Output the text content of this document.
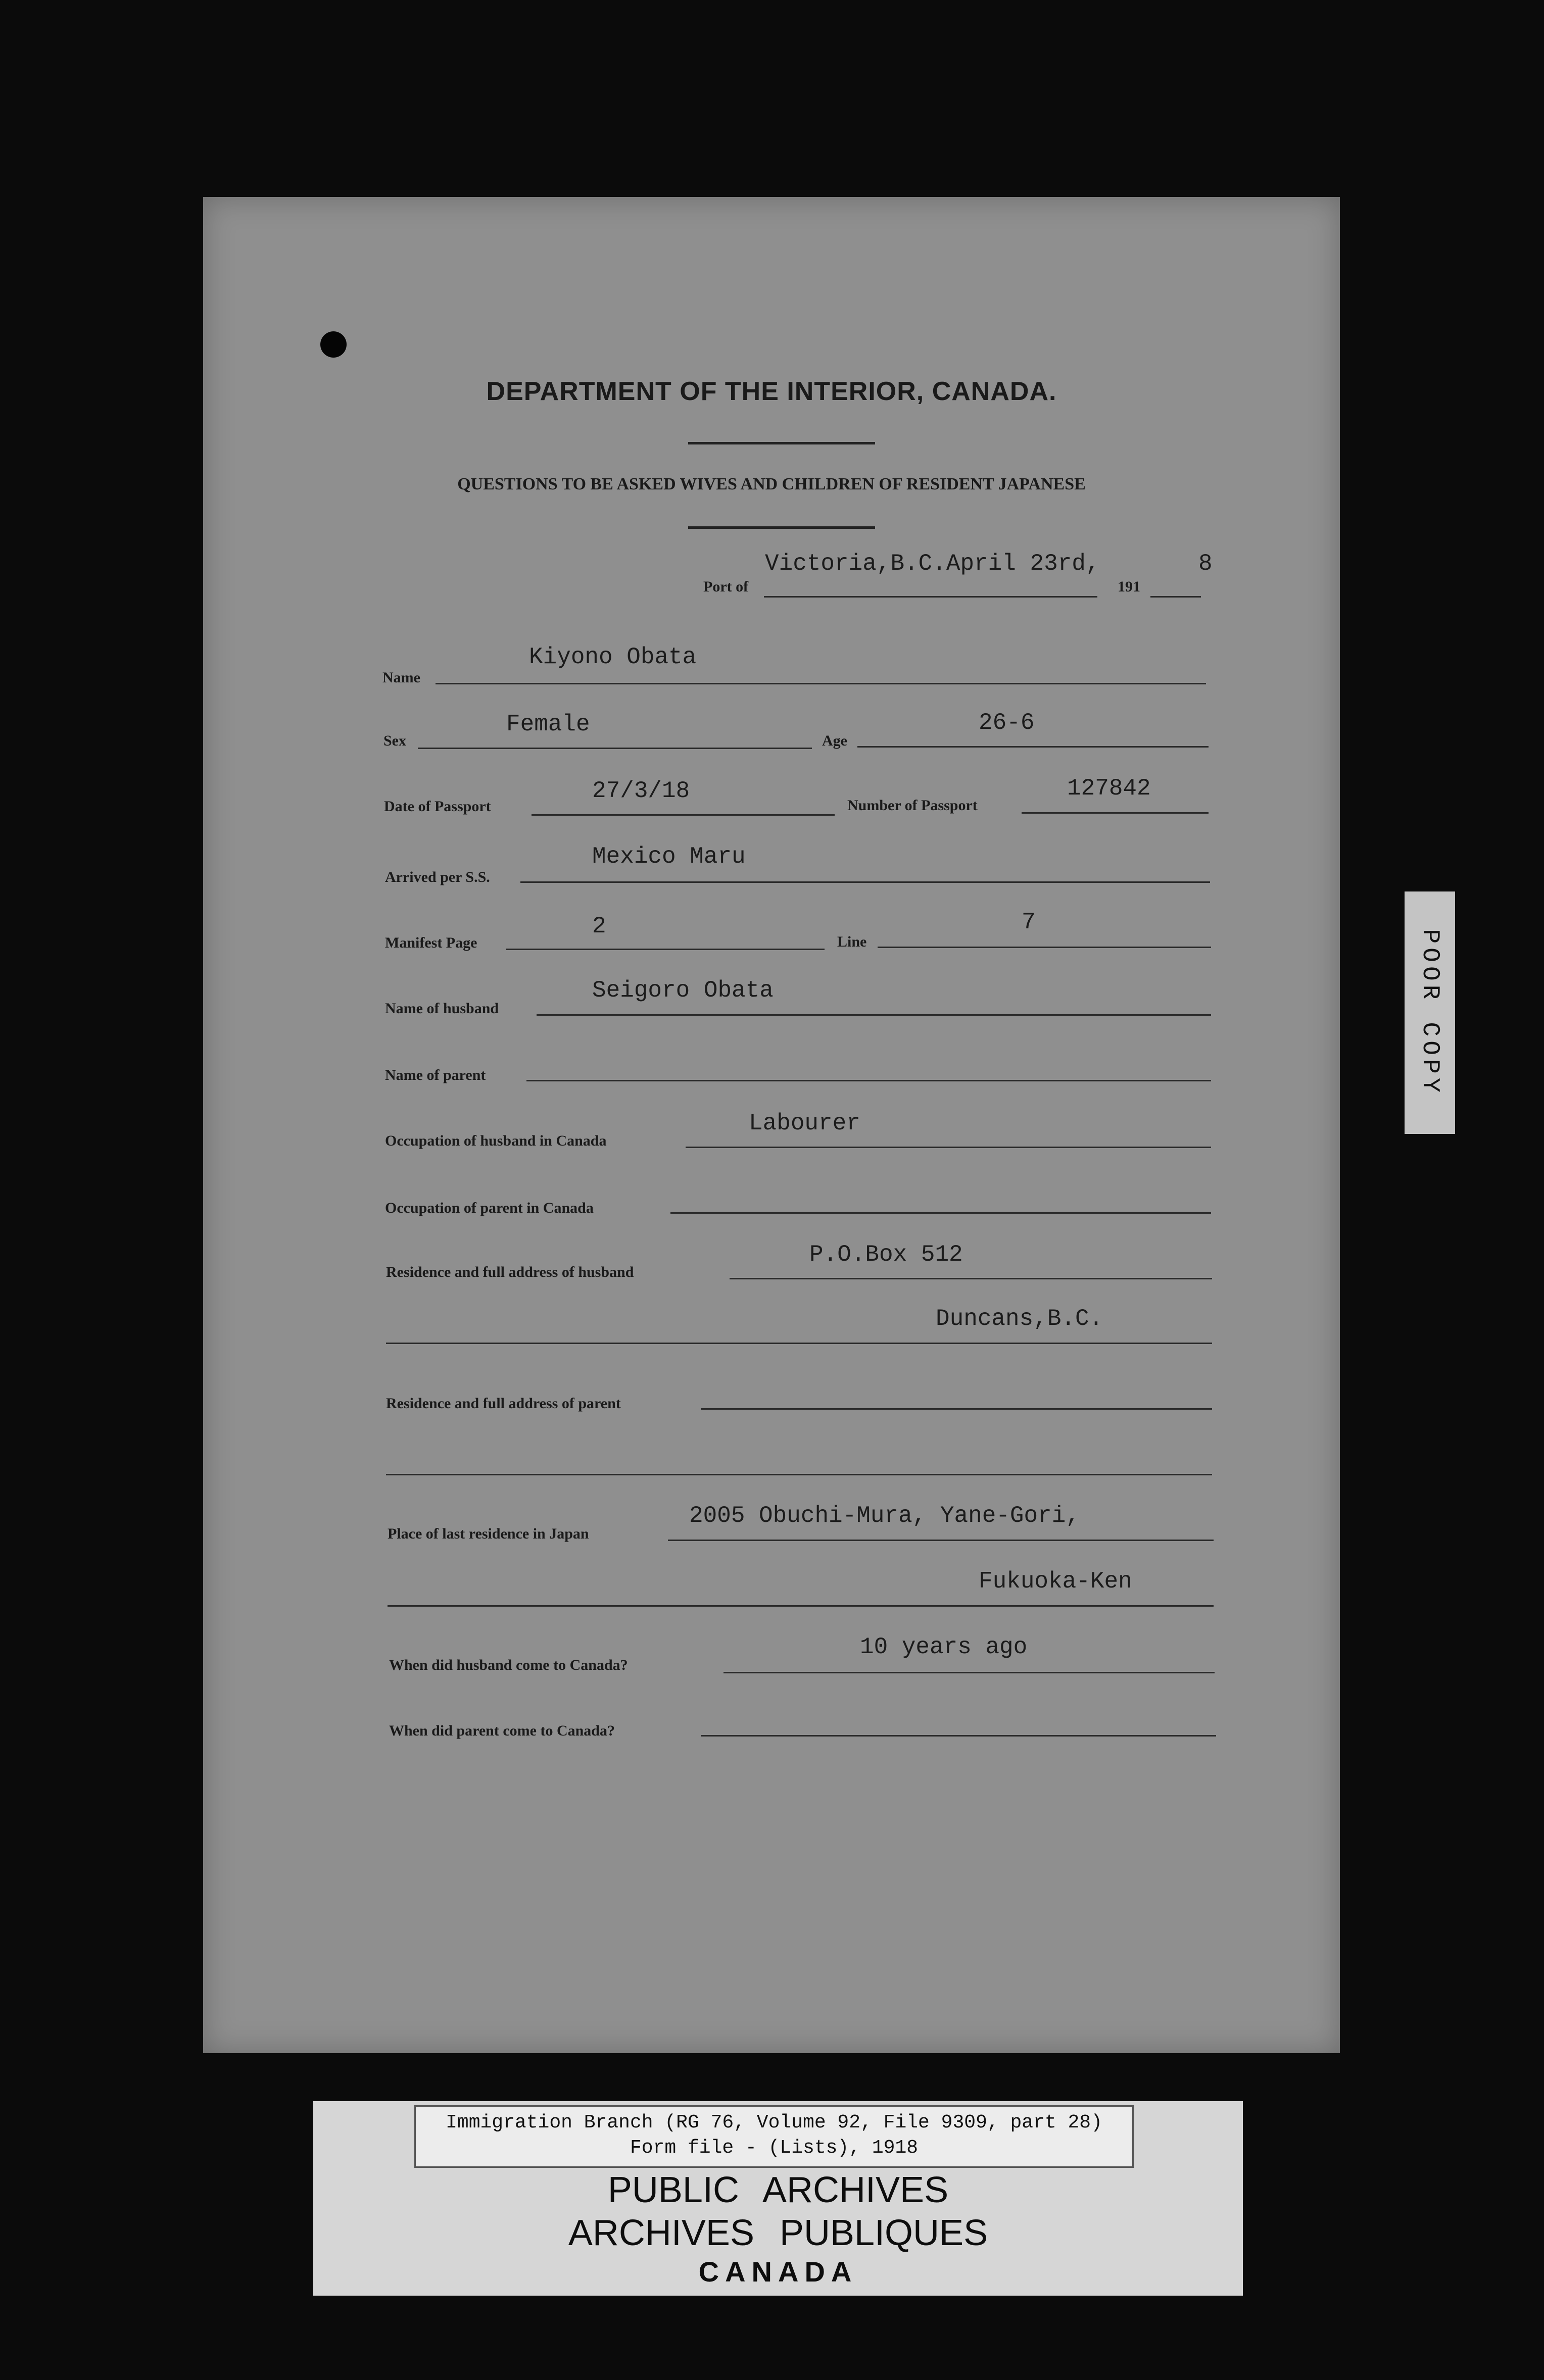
DEPARTMENT OF THE INTERIOR, CANADA.
QUESTIONS TO BE ASKED WIVES AND CHILDREN OF RESIDENT JAPANESE
Port of
Victoria,B.C.April 23rd,
191
8
Name
Kiyono Obata
Sex
Female
Age
26-6
Date of Passport
27/3/18
Number of Passport
127842
Arrived per S.S.
Mexico Maru
Manifest Page
2
Line
7
Name of husband
Seigoro Obata
Name of parent
Occupation of husband in Canada
Labourer
Occupation of parent in Canada
Residence and full address of husband
P.O.Box 512
Duncans,B.C.
Residence and full address of parent
Place of last residence in Japan
2005 Obuchi-Mura, Yane-Gori,
Fukuoka-Ken
When did husband come to Canada?
10 years ago
When did parent come to Canada?
POOR COPY
Immigration Branch (RG 76, Volume 92, File 9309, part 28)
Form file - (Lists), 1918
PUBLIC ARCHIVES
ARCHIVES PUBLIQUES
CANADA
